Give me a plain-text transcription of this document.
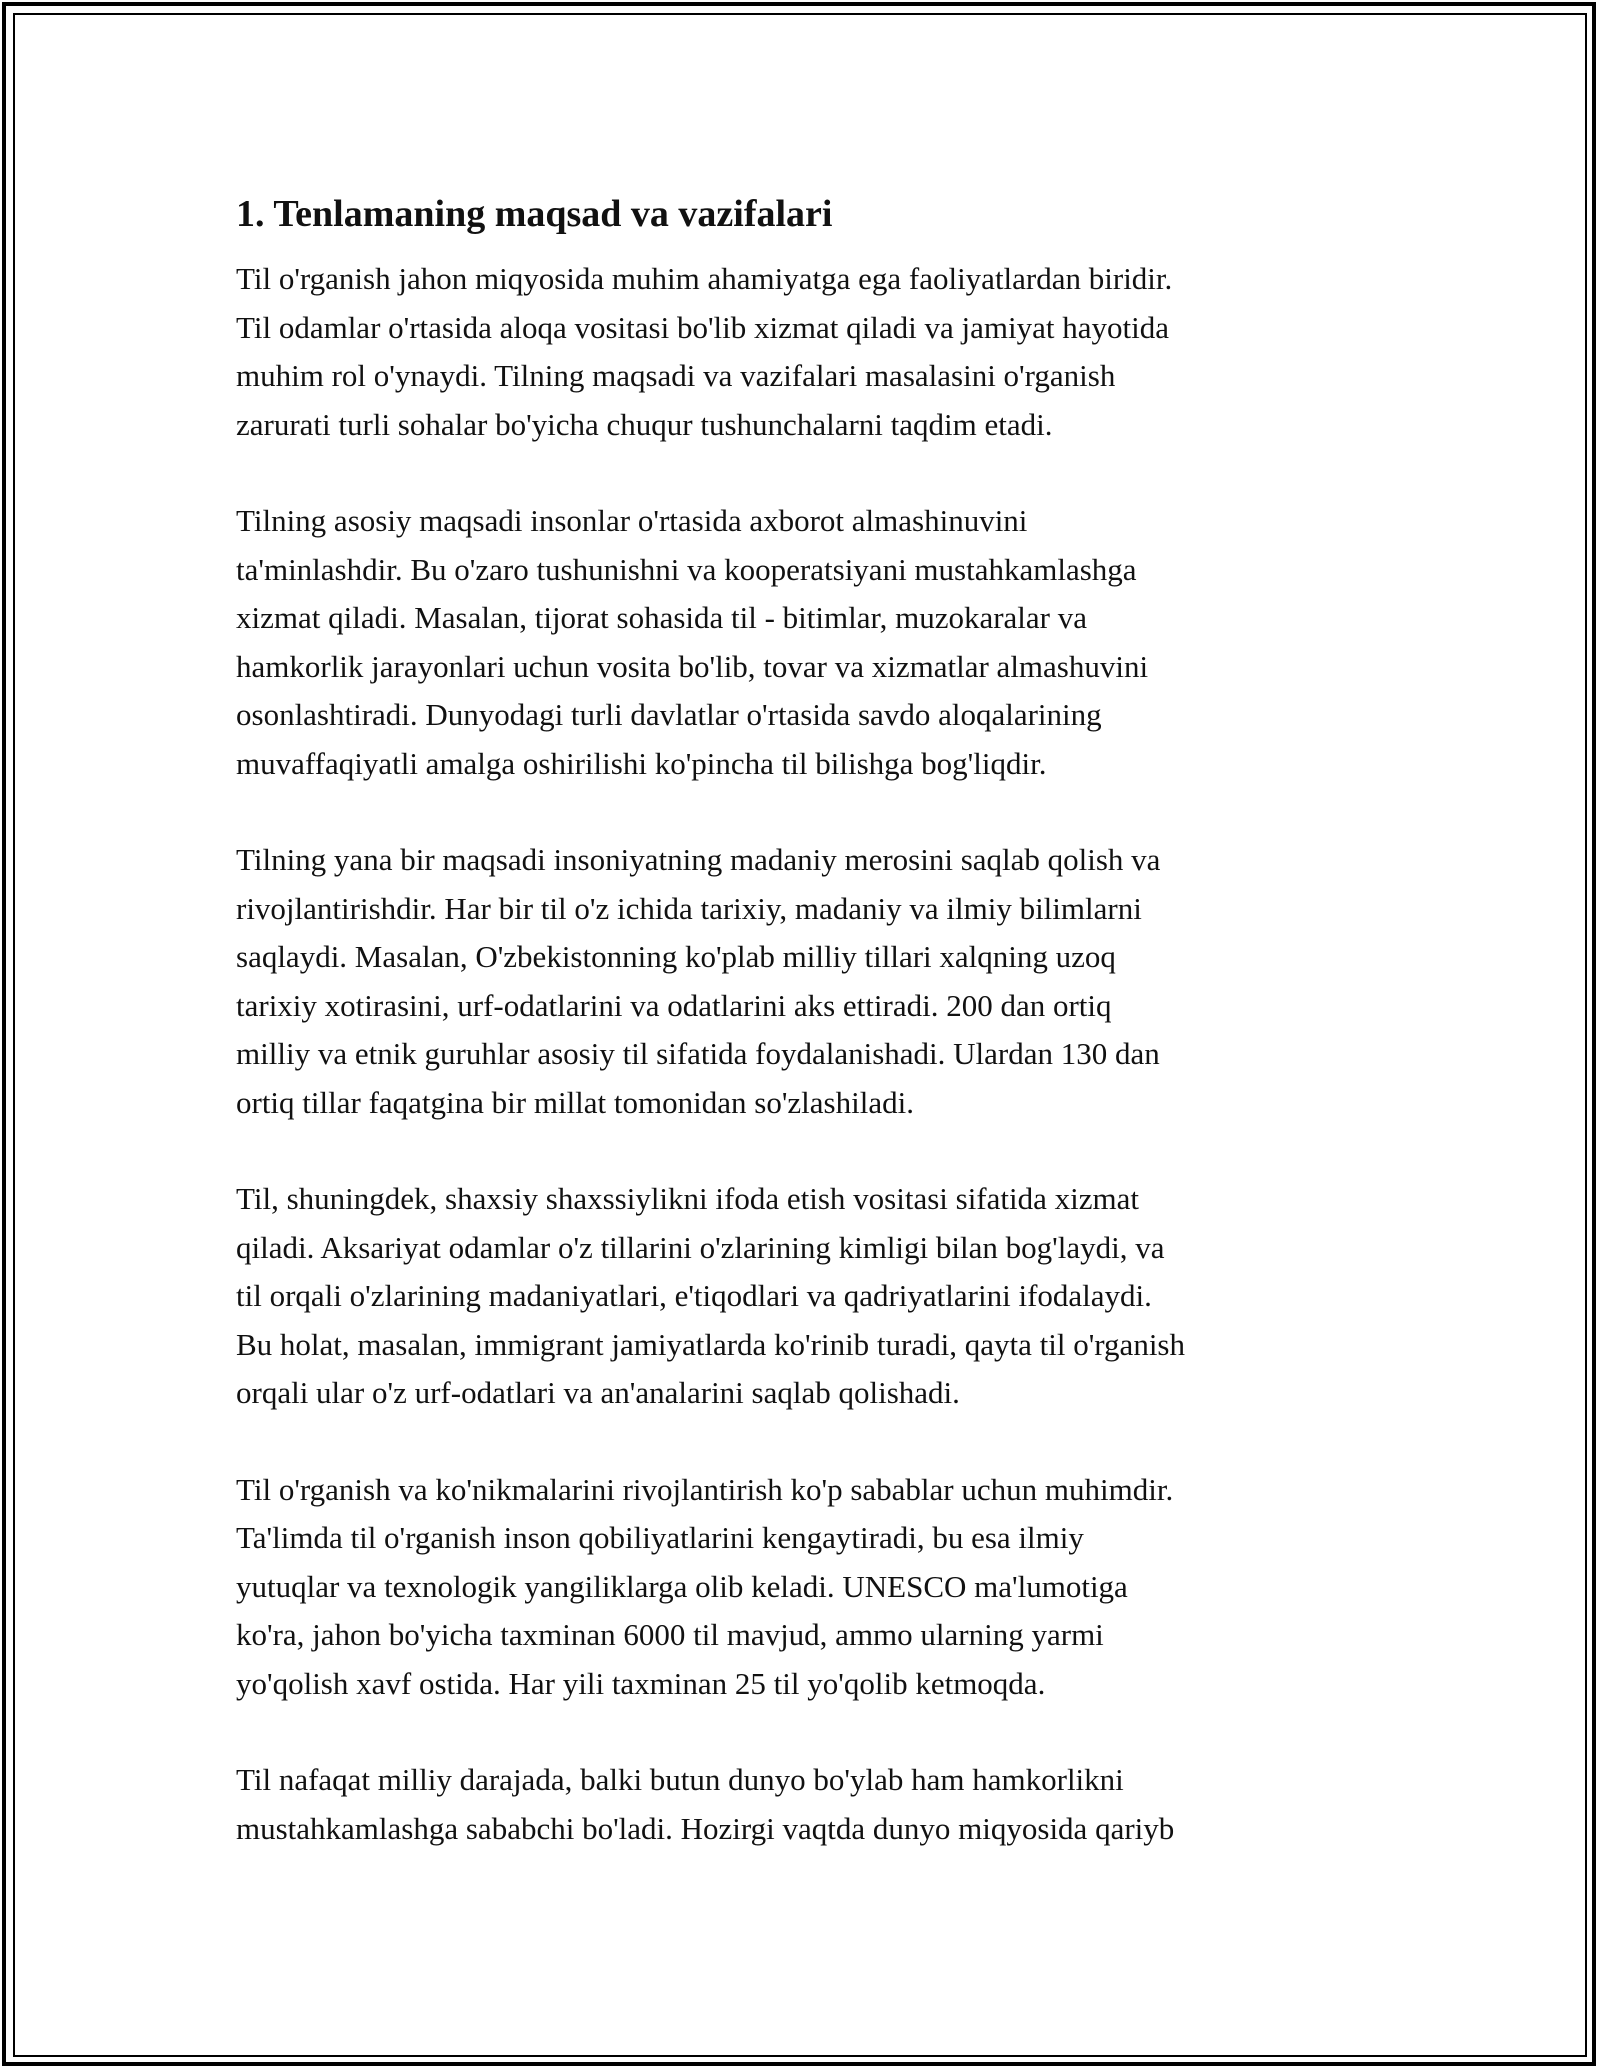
1. Tenlamaning maqsad va vazifalari

Til o'rganish jahon miqyosida muhim ahamiyatga ega faoliyatlardan biridir.
Til odamlar o'rtasida aloqa vositasi bo'lib xizmat qiladi va jamiyat hayotida
muhim rol o'ynaydi. Tilning maqsadi va vazifalari masalasini o'rganish
zarurati turli sohalar bo'yicha chuqur tushunchalarni taqdim etadi.

Tilning asosiy maqsadi insonlar o'rtasida axborot almashinuvini
ta'minlashdir. Bu o'zaro tushunishni va kooperatsiyani mustahkamlashga
xizmat qiladi. Masalan, tijorat sohasida til - bitimlar, muzokaralar va
hamkorlik jarayonlari uchun vosita bo'lib, tovar va xizmatlar almashuvini
osonlashtiradi. Dunyodagi turli davlatlar o'rtasida savdo aloqalarining
muvaffaqiyatli amalga oshirilishi ko'pincha til bilishga bog'liqdir.

Tilning yana bir maqsadi insoniyatning madaniy merosini saqlab qolish va
rivojlantirishdir. Har bir til o'z ichida tarixiy, madaniy va ilmiy bilimlarni
saqlaydi. Masalan, O'zbekistonning ko'plab milliy tillari xalqning uzoq
tarixiy xotirasini, urf-odatlarini va odatlarini aks ettiradi. 200 dan ortiq
milliy va etnik guruhlar asosiy til sifatida foydalanishadi. Ulardan 130 dan
ortiq tillar faqatgina bir millat tomonidan so'zlashiladi.

Til, shuningdek, shaxsiy shaxssiylikni ifoda etish vositasi sifatida xizmat
qiladi. Aksariyat odamlar o'z tillarini o'zlarining kimligi bilan bog'laydi, va
til orqali o'zlarining madaniyatlari, e'tiqodlari va qadriyatlarini ifodalaydi.
Bu holat, masalan, immigrant jamiyatlarda ko'rinib turadi, qayta til o'rganish
orqali ular o'z urf-odatlari va an'analarini saqlab qolishadi.

Til o'rganish va ko'nikmalarini rivojlantirish ko'p sabablar uchun muhimdir.
Ta'limda til o'rganish inson qobiliyatlarini kengaytiradi, bu esa ilmiy
yutuqlar va texnologik yangiliklarga olib keladi. UNESCO ma'lumotiga
ko'ra, jahon bo'yicha taxminan 6000 til mavjud, ammo ularning yarmi
yo'qolish xavf ostida. Har yili taxminan 25 til yo'qolib ketmoqda.

Til nafaqat milliy darajada, balki butun dunyo bo'ylab ham hamkorlikni
mustahkamlashga sababchi bo'ladi. Hozirgi vaqtda dunyo miqyosida qariyb
